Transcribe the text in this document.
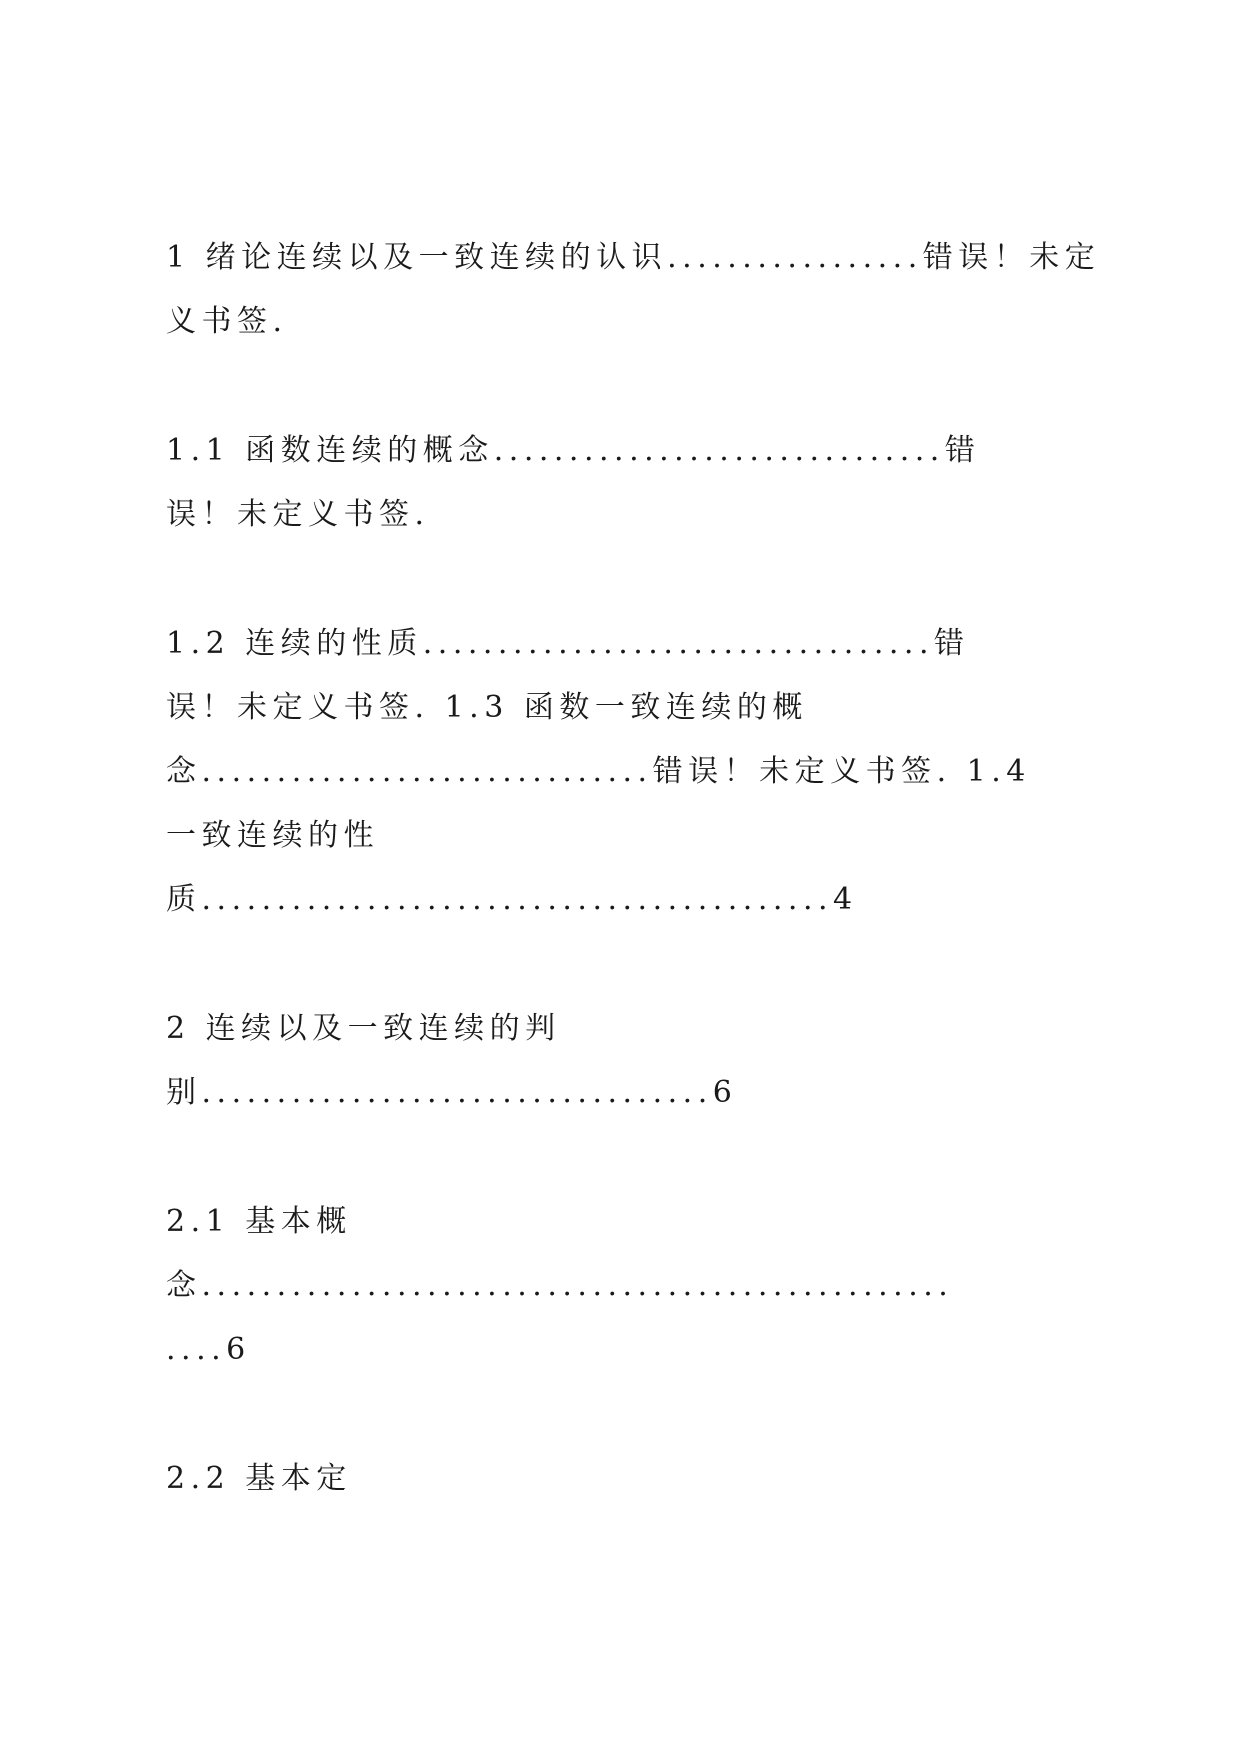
1 绪论连续以及一致连续的认识.................错误！未定
义书签.
1.1 函数连续的概念..............................错
误！未定义书签.
1.2 连续的性质..................................错
误！未定义书签. 1.3 函数一致连续的概
念..............................错误！未定义书签. 1.4
一致连续的性
质..........................................4
2 连续以及一致连续的判
别..................................6
2.1 基本概
念..................................................
....6
2.2 基本定
